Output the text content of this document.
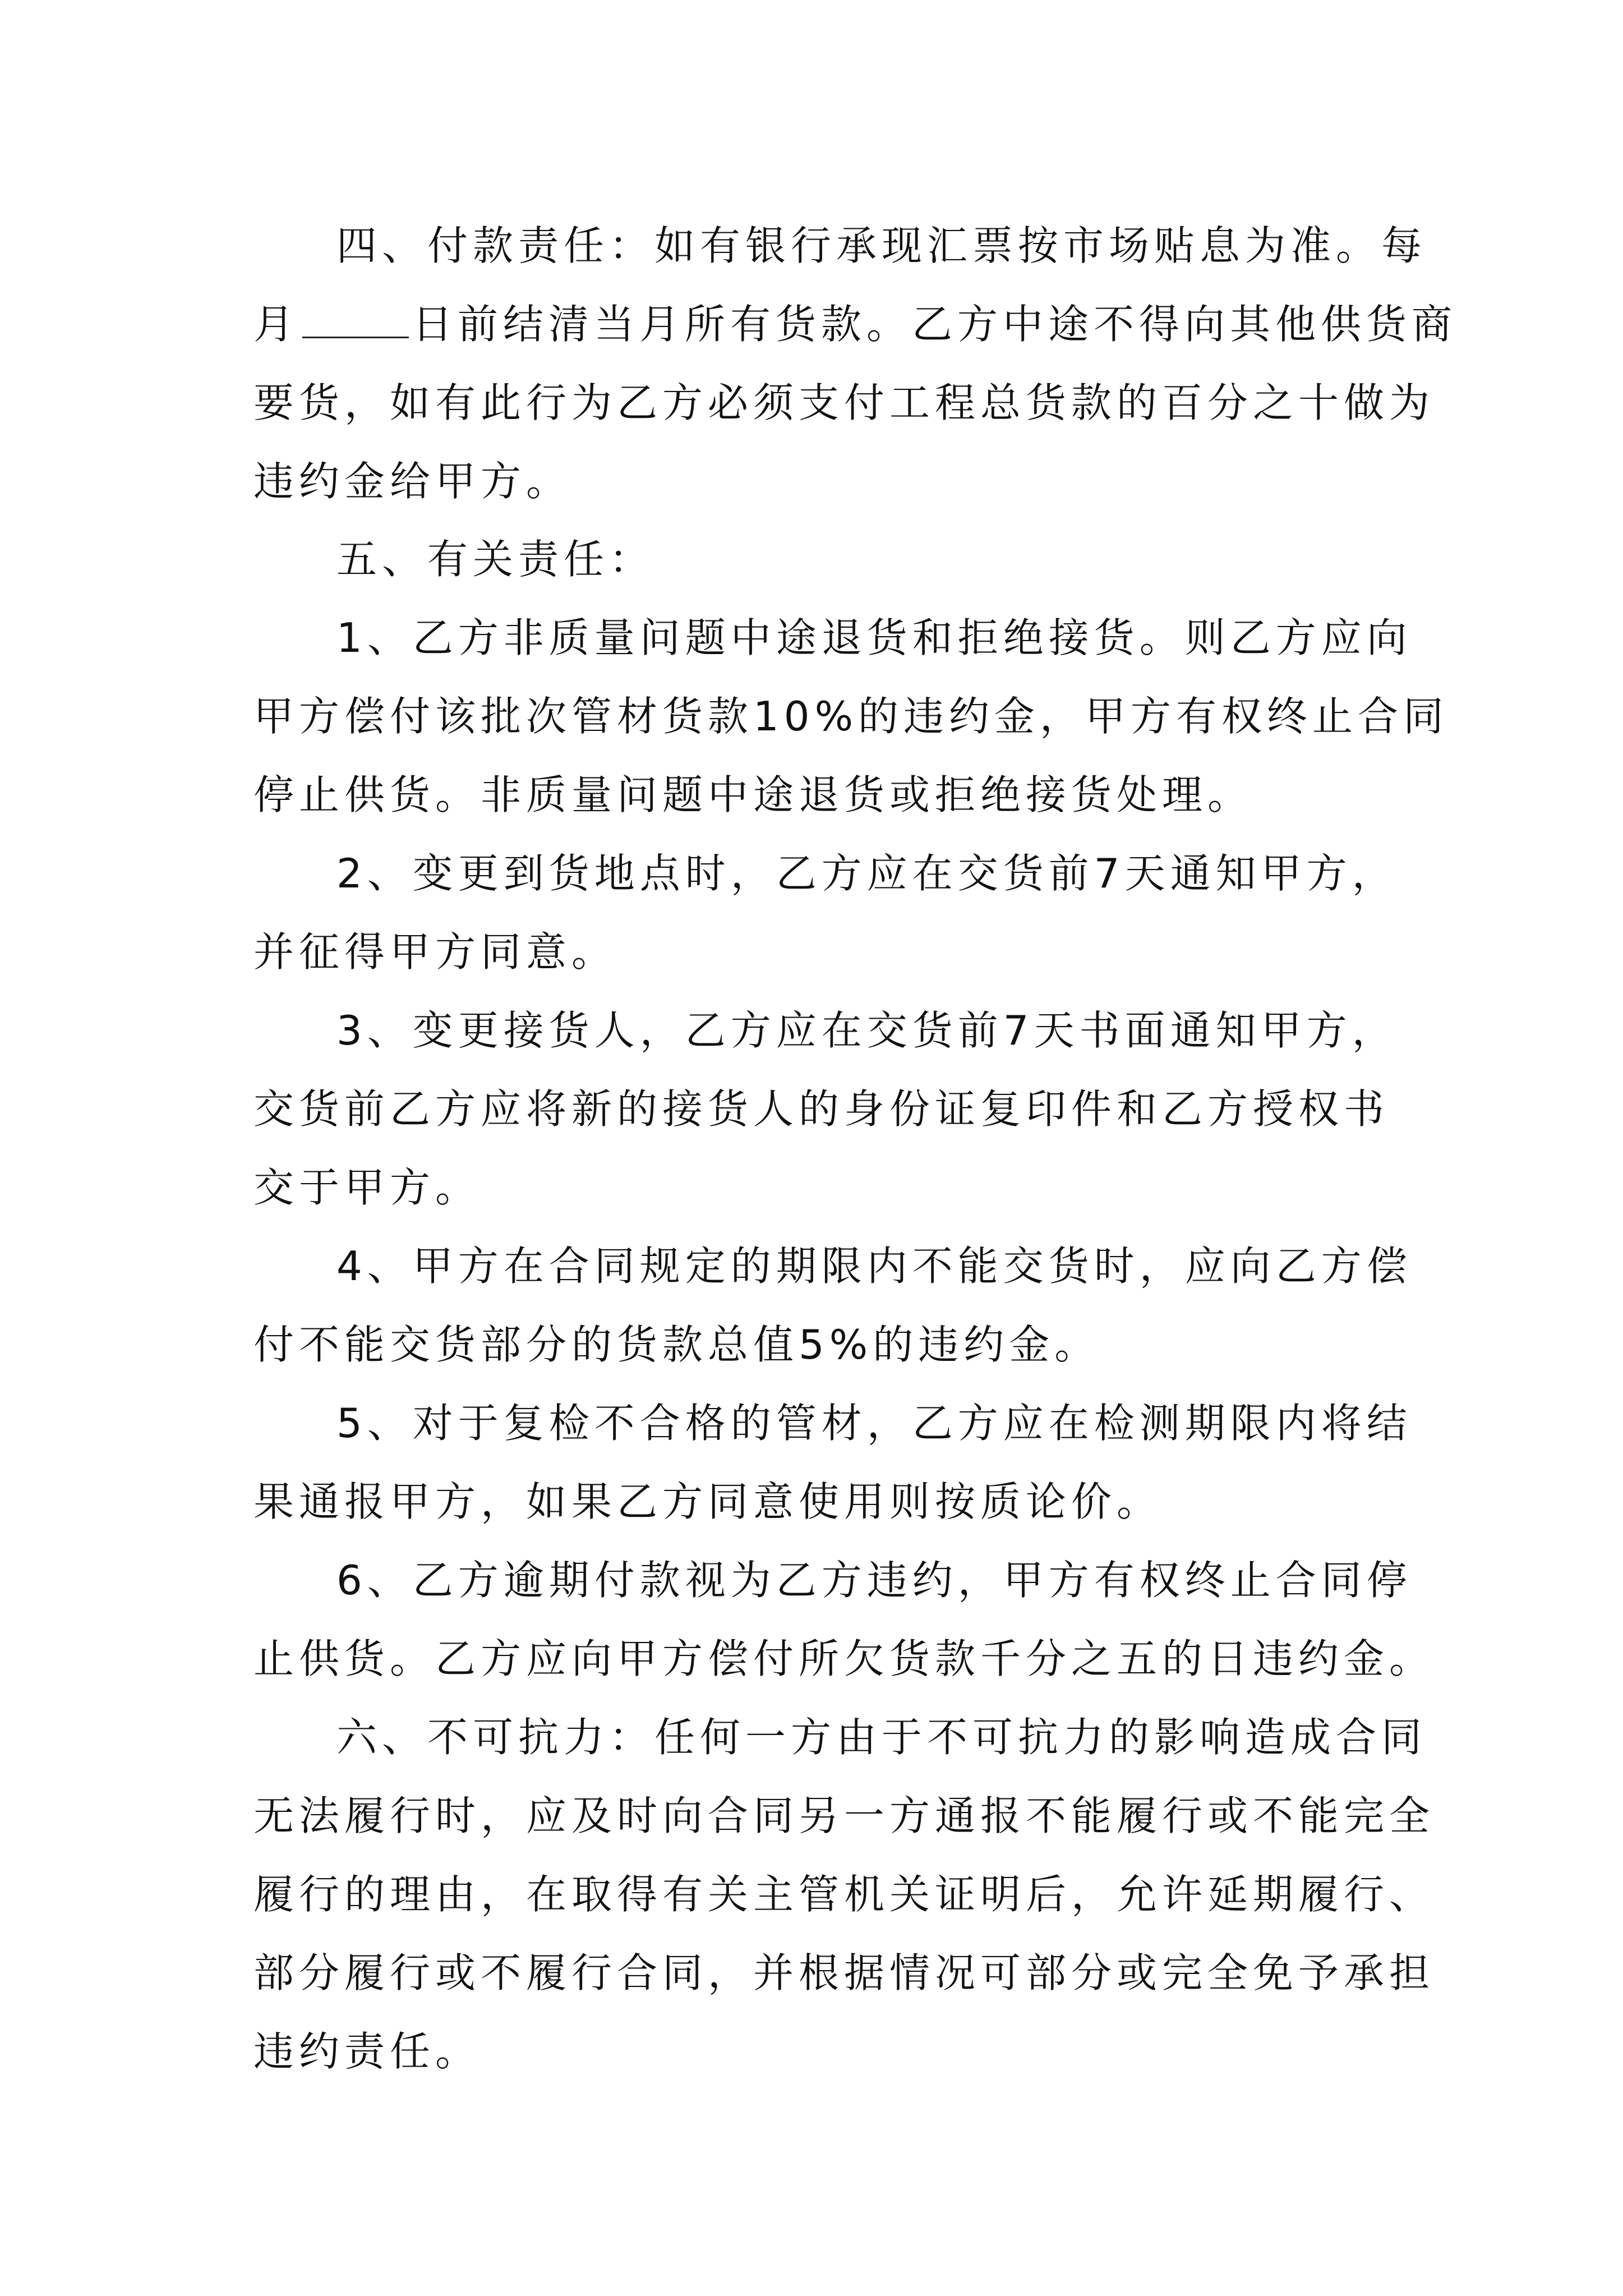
四、付款责任：如有银行承现汇票按市场贴息为准。每
月	日前结清当月所有货款。乙方中途不得向其他供货商
要货，如有此行为乙方必须支付工程总货款的百分之十做为
违约金给甲方。
五、有关责任：
1、乙方非质量问题中途退货和拒绝接货。则乙方应向
甲方偿付该批次管材货款10%的违约金，甲方有权终止合同
停止供货。非质量问题中途退货或拒绝接货处理。
2、变更到货地点时，乙方应在交货前7天通知甲方，
并征得甲方同意。
3、变更接货人，乙方应在交货前7天书面通知甲方，
交货前乙方应将新的接货人的身份证复印件和乙方授权书
交于甲方。
4、甲方在合同规定的期限内不能交货时，应向乙方偿
付不能交货部分的货款总值5%的违约金。
5、对于复检不合格的管材，乙方应在检测期限内将结
果通报甲方，如果乙方同意使用则按质论价。
6、乙方逾期付款视为乙方违约，甲方有权终止合同停
止供货。乙方应向甲方偿付所欠货款千分之五的日违约金。
六、不可抗力：任何一方由于不可抗力的影响造成合同
无法履行时，应及时向合同另一方通报不能履行或不能完全
履行的理由，在取得有关主管机关证明后，允许延期履行、
部分履行或不履行合同，并根据情况可部分或完全免予承担
违约责任。
